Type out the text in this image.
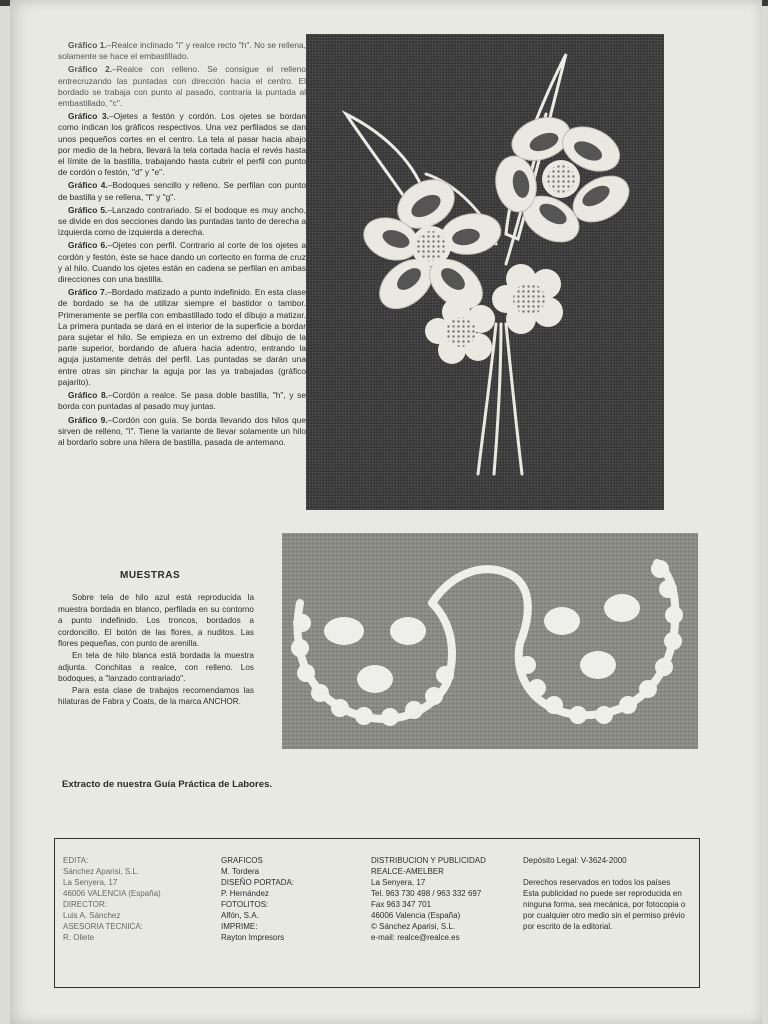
Gráfico 1.–Realce inclinado "i" y realce recto "h". No se rellena, solamente se hace el embastillado.

Gráfico 2.–Realce con relleno. Se consigue el relleno entrecruzando las puntadas con dirección hacia el centro. El bordado se trabaja con punto al pasado, contraria la puntada al embastillado, "c".

Gráfico 3.–Ojetes a festón y cordón. Los ojetes se bordan como indican los gráficos respectivos. Una vez perfilados se dan unos pequeños cortes en el centro. La tela al pasar hacia abajo por medio de la hebra, llevará la tela cortada hacia el revés hasta el límite de la bastilla, trabajando hasta cubrir el perfil con punto de cordón o festón, "d" y "e".

Gráfico 4.–Bodoques sencillo y relleno. Se perfilan con punto de bastilla y se rellena, "f" y "g".

Gráfico 5.–Lanzado contrariado. Si el bodoque es muy ancho, se divide en dos secciones dando las puntadas tanto de derecha a izquierda como de izquierda a derecha.

Gráfico 6.–Ojetes con perfil. Contrario al corte de los ojetes a cordón y festón, éste se hace dando un cortecito en forma de cruz y al hilo. Cuando los ojetes están en cadena se perfilan en ambas direcciones con una bastilla.

Gráfico 7.–Bordado matizado a punto indefinido. En esta clase de bordado se ha de utilizar siempre el bastidor o tambor. Primeramente se perfila con embastillado todo el dibujo a matizar. La primera puntada se dará en el interior de la superficie a bordar para sujetar el hilo. Se empieza en un extremo del dibujo de la parte superior, bordando de afuera hacia adentro, entrando la aguja justamente detrás del perfil. Las puntadas se darán una entre otras sin pinchar la aguja por las ya trabajadas (gráfico pajarito).

Gráfico 8.–Cordón a realce. Se pasa doble bastilla, "h", y se borda con puntadas al pasado muy juntas.

Gráfico 9.–Cordón con guía. Se borda llevando dos hilos que sirven de relleno, "i". Tiene la variante de llevar solamente un hilo al bordarlo sobre una hilera de bastilla, pasada de antemano.

MUESTRAS

Sobre tela de hilo azul está reproducida la muestra bordada en blanco, perfilada en su contorno a punto indefinido. Los troncos, bordados a cordoncillo. El botón de las flores, a nuditos. Las flores pequeñas, con punto de arenilla.

En tela de hilo blanca está bordada la muestra adjunta. Conchitas a realce, con relleno. Los bodoques, a "lanzado contrariado".

Para esta clase de trabajos recomendamos las hilaturas de Fabra y Coats, de la marca ANCHOR.

Extracto de nuestra Guía Práctica de Labores.
EDITA:
Sánchez Aparisi, S.L.
La Senyera, 17
46006 VALENCIA (España)
DIRECTOR:
Luis A. Sánchez
ASESORIA TECNICA:
R. Oliete
GRAFICOS
M. Tordera
DISEÑO PORTADA:
P. Hernández
FOTOLITOS:
Alfón, S.A.
IMPRIME:
Rayton Impresors
DISTRIBUCION Y PUBLICIDAD
REALCE-AMELBER
La Senyera, 17
Tel. 963 730 498 / 963 332 697
Fax 963 347 701
46006 Valencia (España)
© Sánchez Aparisi, S.L.
e-mail: realce@realce.es
Depósito Legal: V-3624-2000
Derechos reservados en todos los países
Esta publicidad no puede ser reproducida en ninguna forma, sea mecánica, por fotocopia o por cualquier otro medio sin el permiso prévio por escrito de la editorial.
